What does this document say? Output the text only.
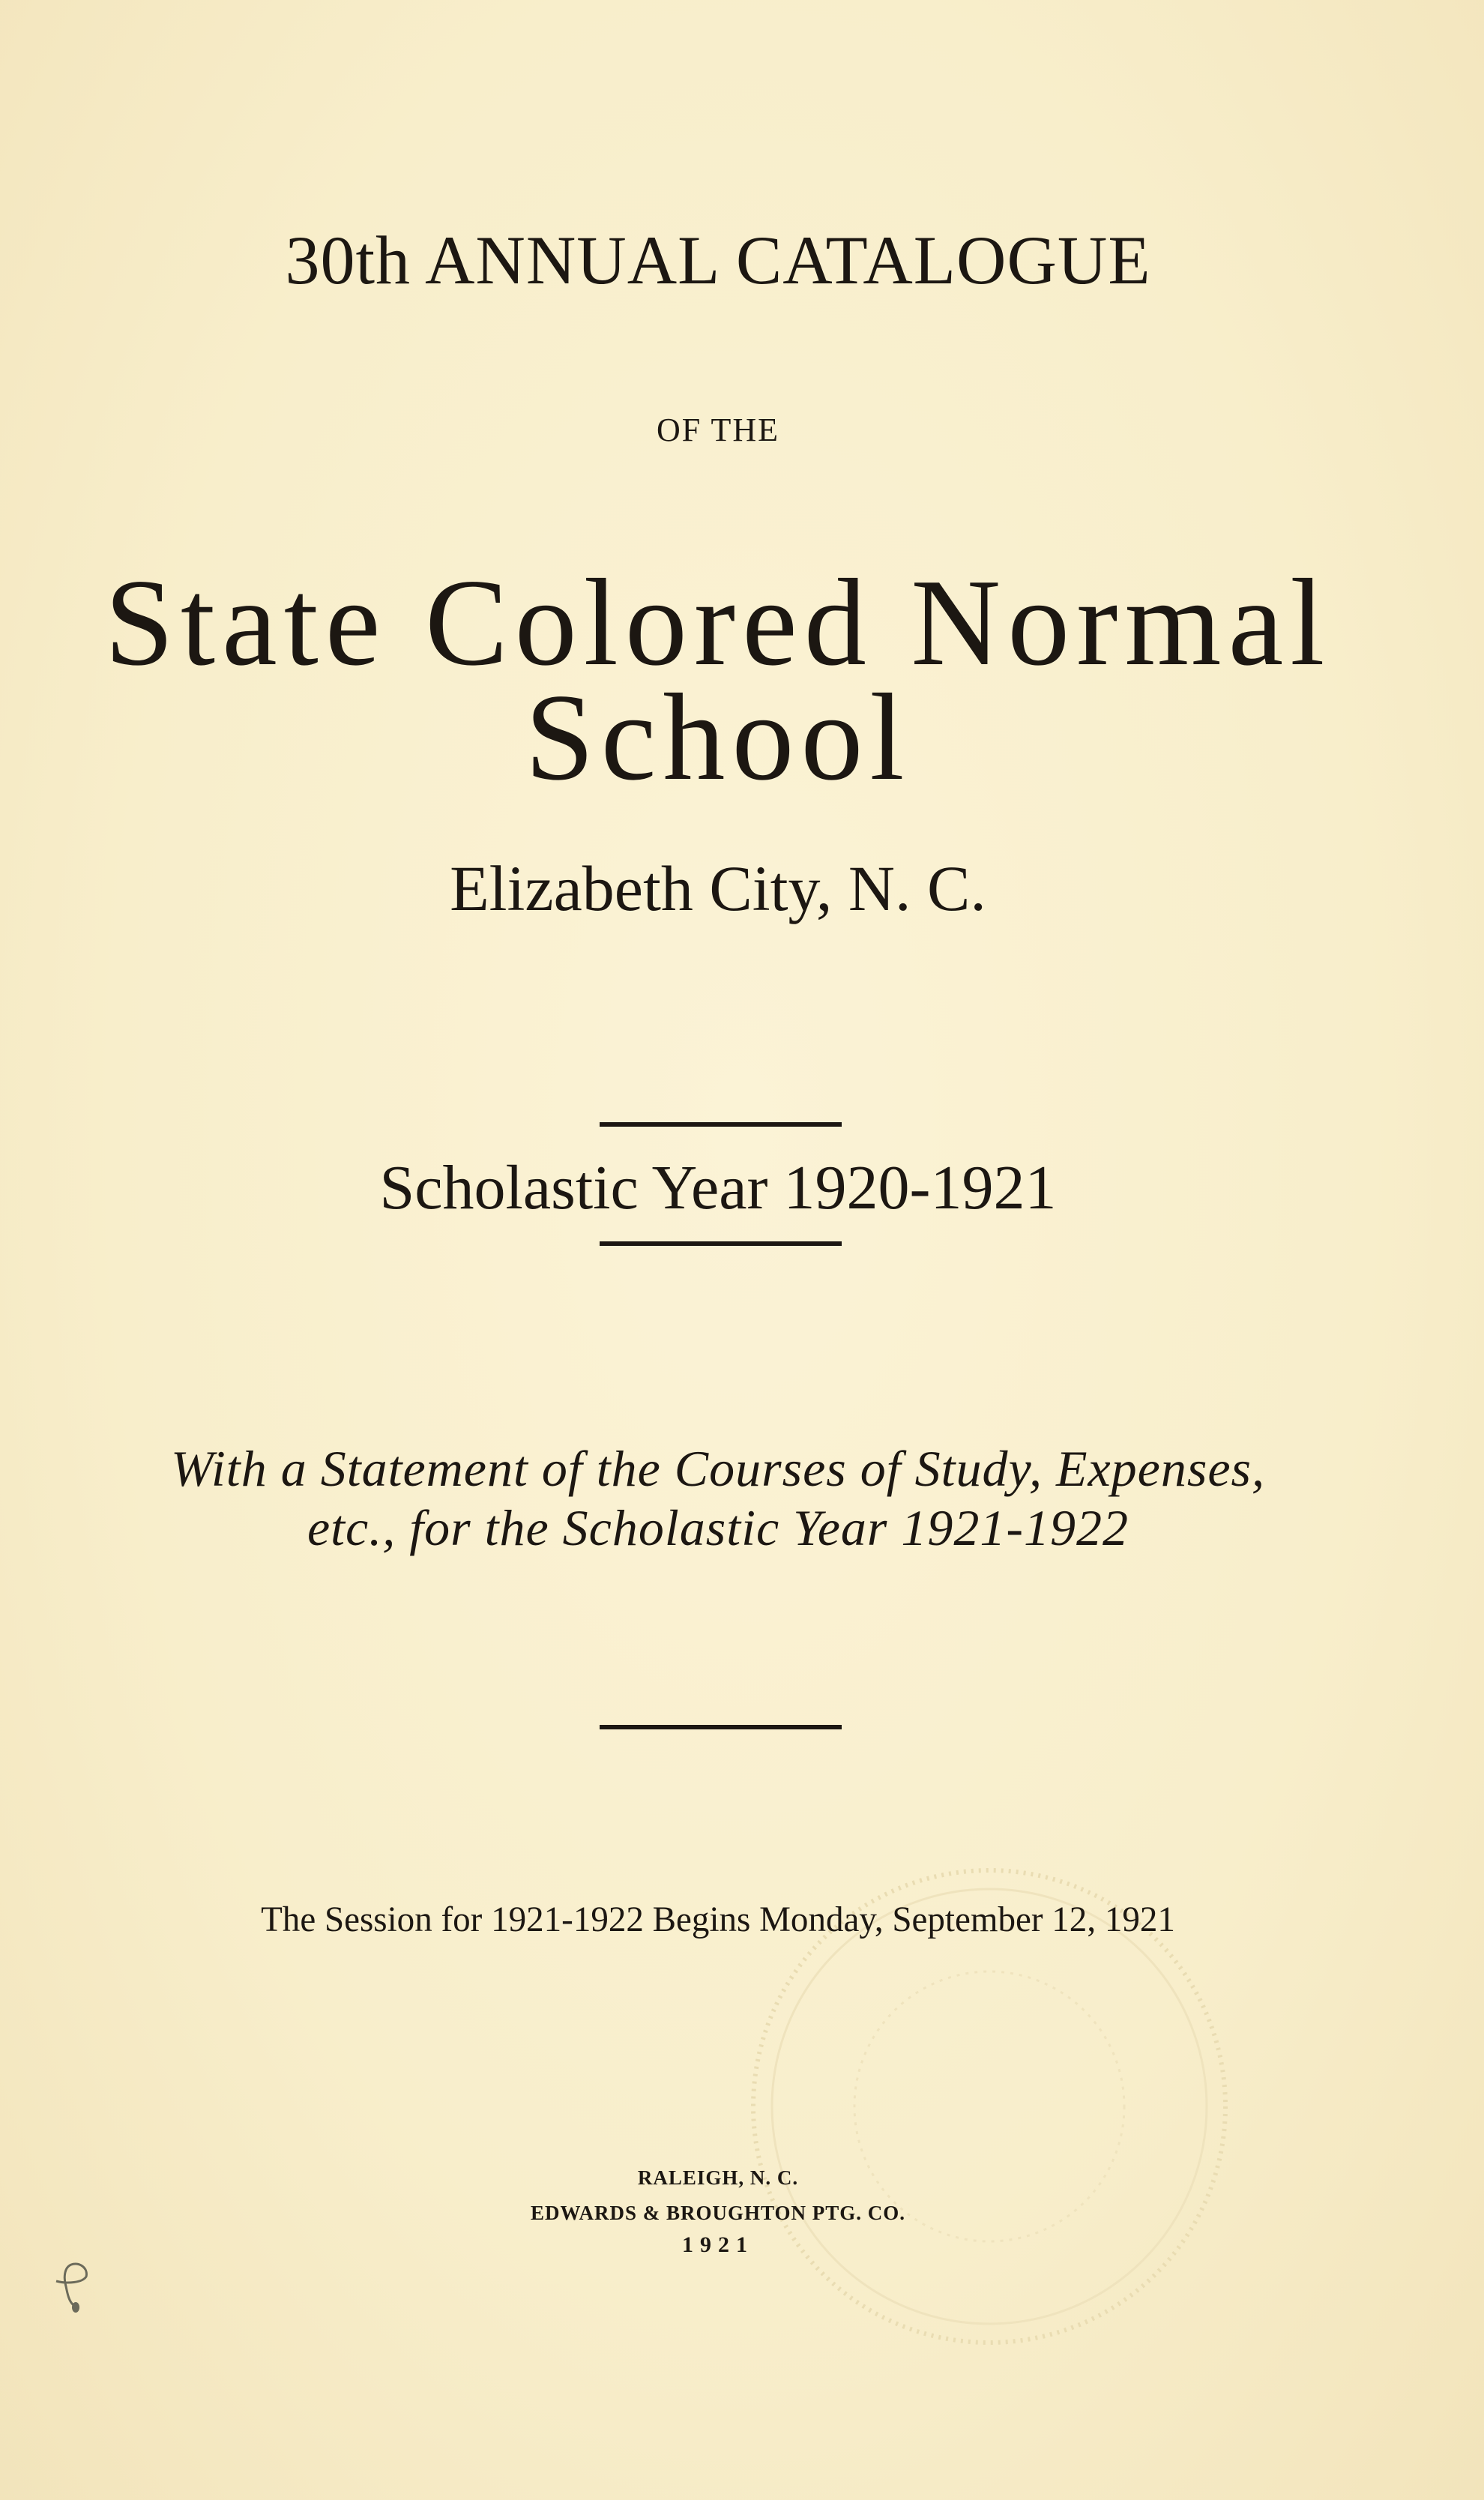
30th ANNUAL CATALOGUE
OF THE
State Colored Normal
School
Elizabeth City, N. C.
Scholastic Year 1920-1921
With a Statement of the Courses of Study, Expenses,
etc., for the Scholastic Year 1921-1922
The Session for 1921-1922 Begins Monday, September 12, 1921
RALEIGH, N. C.
EDWARDS & BROUGHTON PTG. CO.
1921
